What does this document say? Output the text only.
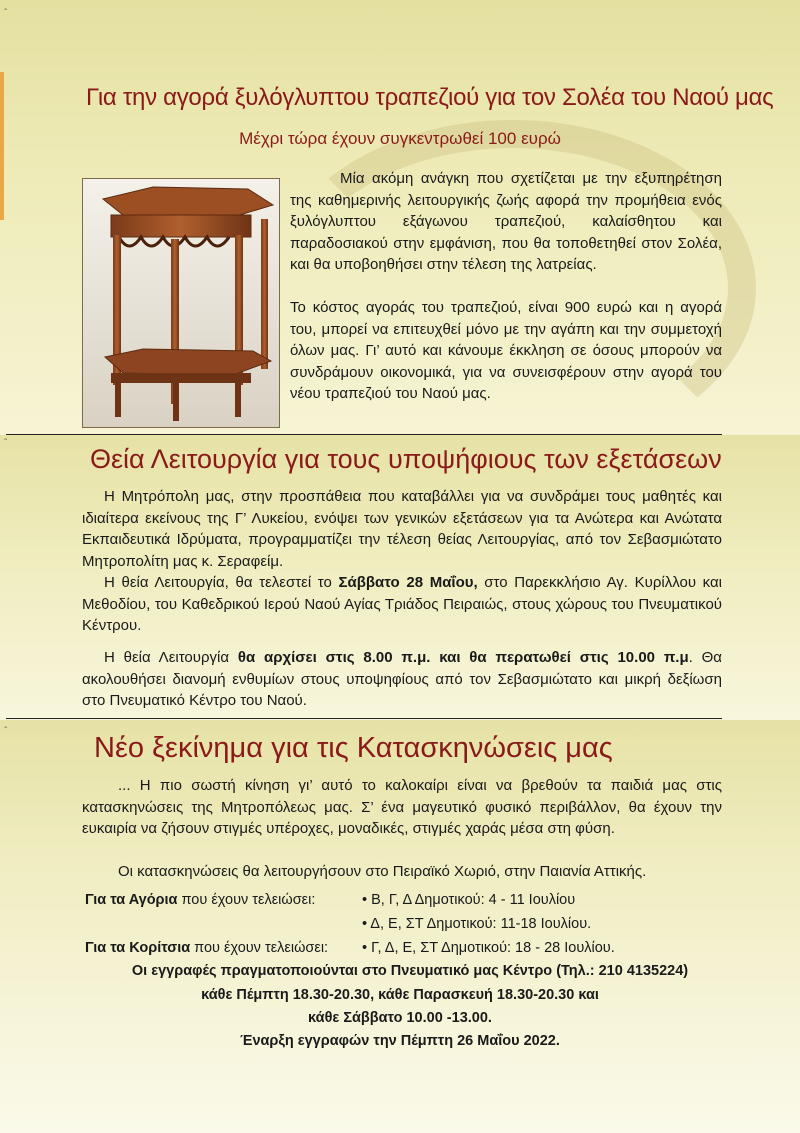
-
-
-
Για την αγορά ξυλόγλυπτου τραπεζιού για τον Σολέα του Ναού μας
Μέχρι τώρα έχουν συγκεντρωθεί 100 ευρώ

Μία ακόμη ανάγκη που σχετίζεται με την εξυπηρέτηση της καθημερινής λειτουργικής ζωής αφορά την προμήθεια ενός ξυλόγλυπτου εξάγωνου τραπεζιού, καλαίσθητου και παραδοσιακού στην εμφάνιση, που θα τοποθετηθεί στον Σολέα, και θα υποβοηθήσει στην τέλεση της λατρείας.

Το κόστος αγοράς του τραπεζιού, είναι 900 ευρώ και η αγορά του, μπορεί να επιτευχθεί μόνο με την αγάπη και την συμμετοχή όλων μας. Γι’ αυτό και κάνουμε έκκληση σε όσους μπορούν να συνδράμουν οικονομικά, για να συνεισφέρουν στην αγορά του νέου τραπεζιού του Ναού μας.

Θεία Λειτουργία για τους υποψήφιους των εξετάσεων

Η Μητρόπολη μας, στην προσπάθεια που καταβάλλει για να συνδράμει τους μαθητές και ιδιαίτερα εκείνους της Γ’ Λυκείου, ενόψει των γενικών εξετάσεων για τα Ανώτερα και Ανώτατα Εκπαιδευτικά Ιδρύματα, προγραμματίζει την τέλεση θείας Λειτουργίας, από τον Σεβασμιώτατο Μητροπολίτη μας κ. Σεραφείμ.

Η θεία Λειτουργία, θα τελεστεί το Σάββατο 28 Μαΐου, στο Παρεκκλήσιο Αγ. Κυρίλλου και Μεθοδίου, του Καθεδρικού Ιερού Ναού Αγίας Τριάδος Πειραιώς, στους χώρους του Πνευματικού Κέντρου.

Η θεία Λειτουργία θα αρχίσει στις 8.00 π.μ. και θα περατωθεί στις 10.00 π.μ. Θα ακολουθήσει διανομή ενθυμίων στους υποψηφίους από τον Σεβασμιώτατο και μικρή δεξίωση στο Πνευματικό Κέντρο του Ναού.

Νέο ξεκίνημα για τις Κατασκηνώσεις μας

... Η πιο σωστή κίνηση γι’ αυτό το καλοκαίρι είναι να βρεθούν τα παιδιά μας στις κατασκηνώσεις της Μητροπόλεως μας. Σ’ ένα μαγευτικό φυσικό περιβάλλον, θα έχουν την ευκαιρία να ζήσουν στιγμές υπέροχες, μοναδικές, στιγμές χαράς μέσα στη φύση.

Οι κατασκηνώσεις θα λειτουργήσουν στο Πειραϊκό Χωριό, στην Παιανία Αττικής.
Για τα Αγόρια που έχουν τελειώσει:	• Β, Γ, Δ Δημοτικού: 4 - 11 Ιουλίου
• Δ, Ε, ΣΤ Δημοτικού: 11-18 Ιουλίου.
Για τα Κορίτσια που έχουν τελειώσει: • Γ, Δ, Ε, ΣΤ Δημοτικού: 18 - 28 Ιουλίου.
Οι εγγραφές πραγματοποιούνται στο Πνευματικό μας Κέντρο (Τηλ.: 210 4135224)
κάθε Πέμπτη 18.30-20.30, κάθε Παρασκευή 18.30-20.30 και
κάθε Σάββατο 10.00 -13.00.
Έναρξη εγγραφών την Πέμπτη 26 Μαΐου 2022.
